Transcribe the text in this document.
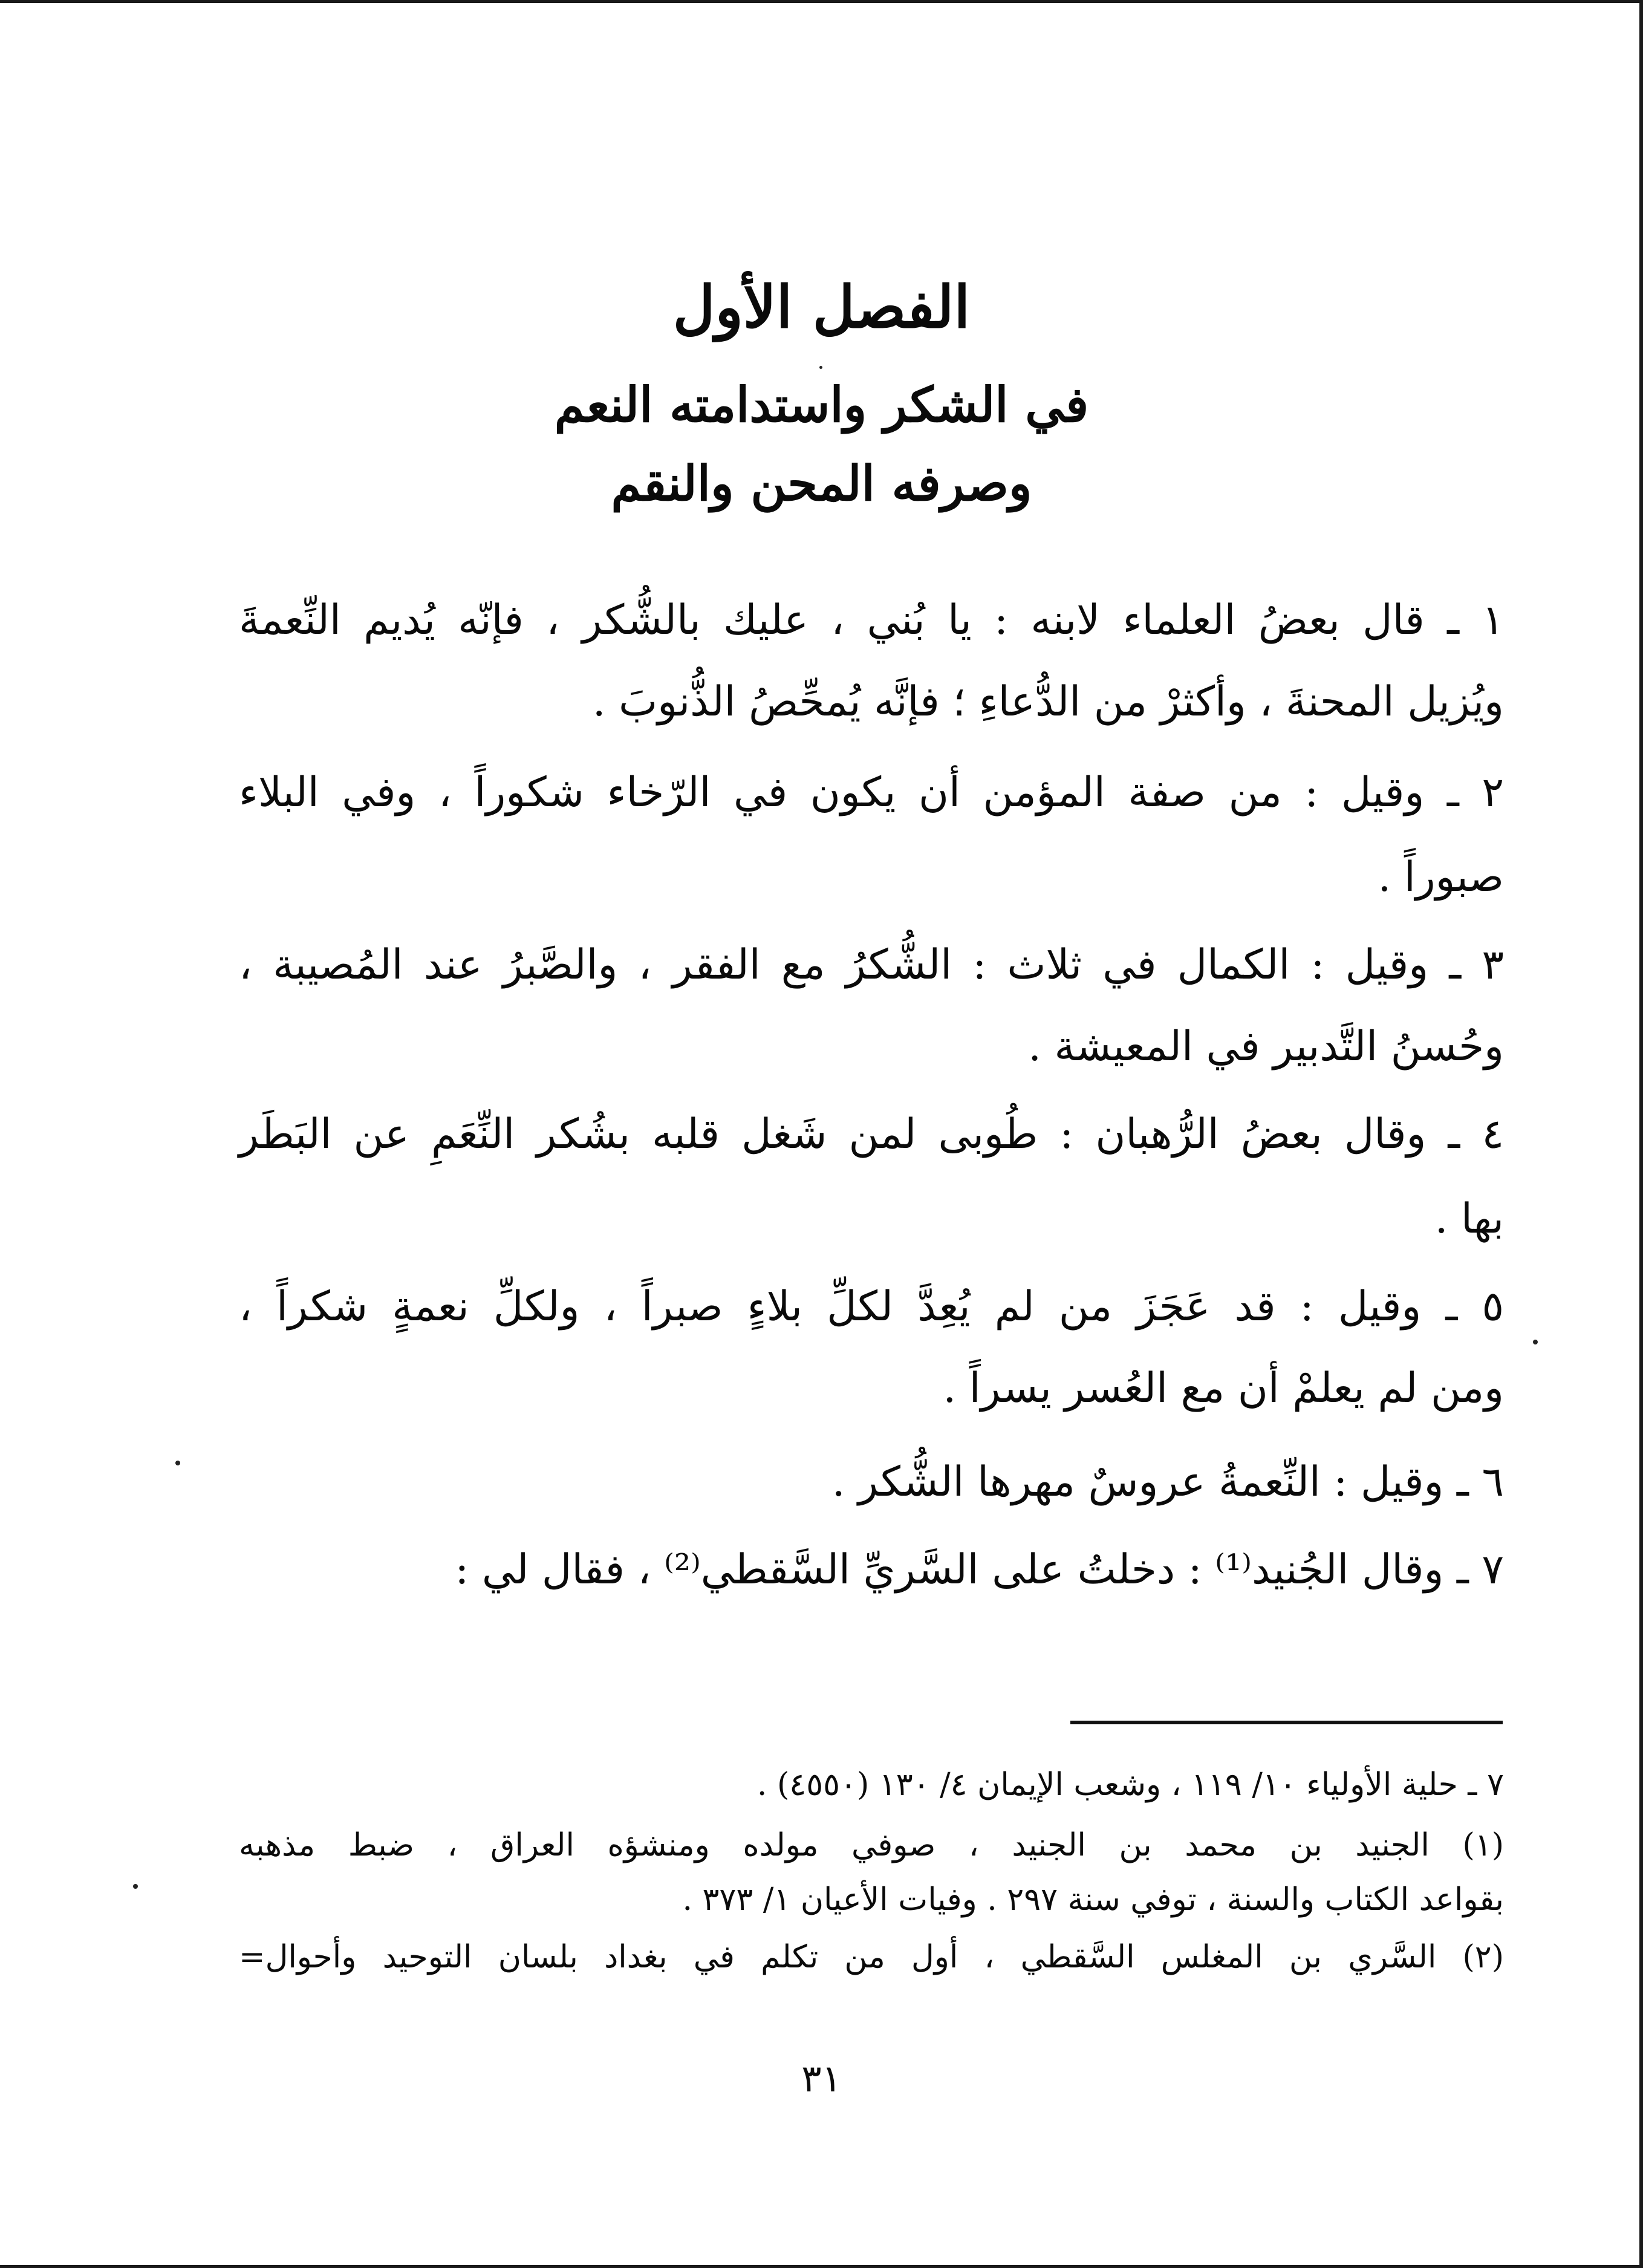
الفصل الأول
في الشكر واستدامته النعم
وصرفه المحن والنقم
١ ـ قال بعضُ العلماء لابنه : يا بُني ، عليك بالشُّكر ، فإنّه يُديم النِّعمةَ
ويُزيل المحنةَ ، وأكثرْ من الدُّعاءِ ؛ فإنَّه يُمحِّصُ الذُّنوبَ .
٢ ـ وقيل : من صفة المؤمن أن يكون في الرّخاء شكوراً ، وفي البلاء
صبوراً .
٣ ـ وقيل : الكمال في ثلاث : الشُّكرُ مع الفقر ، والصَّبرُ عند المُصيبة ،
وحُسنُ التَّدبير في المعيشة .
٤ ـ وقال بعضُ الرُّهبان : طُوبى لمن شَغل قلبه بشُكر النِّعَمِ عن البَطَر
بها .
٥ ـ وقيل : قد عَجَزَ من لم يُعِدَّ لكلِّ بلاءٍ صبراً ، ولكلِّ نعمةٍ شكراً ،
ومن لم يعلمْ أن مع العُسر يسراً .
٦ ـ وقيل : النِّعمةُ عروسٌ مهرها الشُّكر .
٧ ـ وقال الجُنيد⁽¹⁾ : دخلتُ على السَّريِّ السَّقطي⁽²⁾ ، فقال لي :
٧ ـ حلية الأولياء ١٠/ ١١٩ ، وشعب الإيمان ٤/ ١٣٠ (٤٥٥٠) .
(١) الجنيد بن محمد بن الجنيد ، صوفي مولده ومنشؤه العراق ، ضبط مذهبه
بقواعد الكتاب والسنة ، توفي سنة ٢٩٧ . وفيات الأعيان ١/ ٣٧٣ .
(٢) السَّري بن المغلس السَّقطي ، أول من تكلم في بغداد بلسان التوحيد وأحوال=
٣١
